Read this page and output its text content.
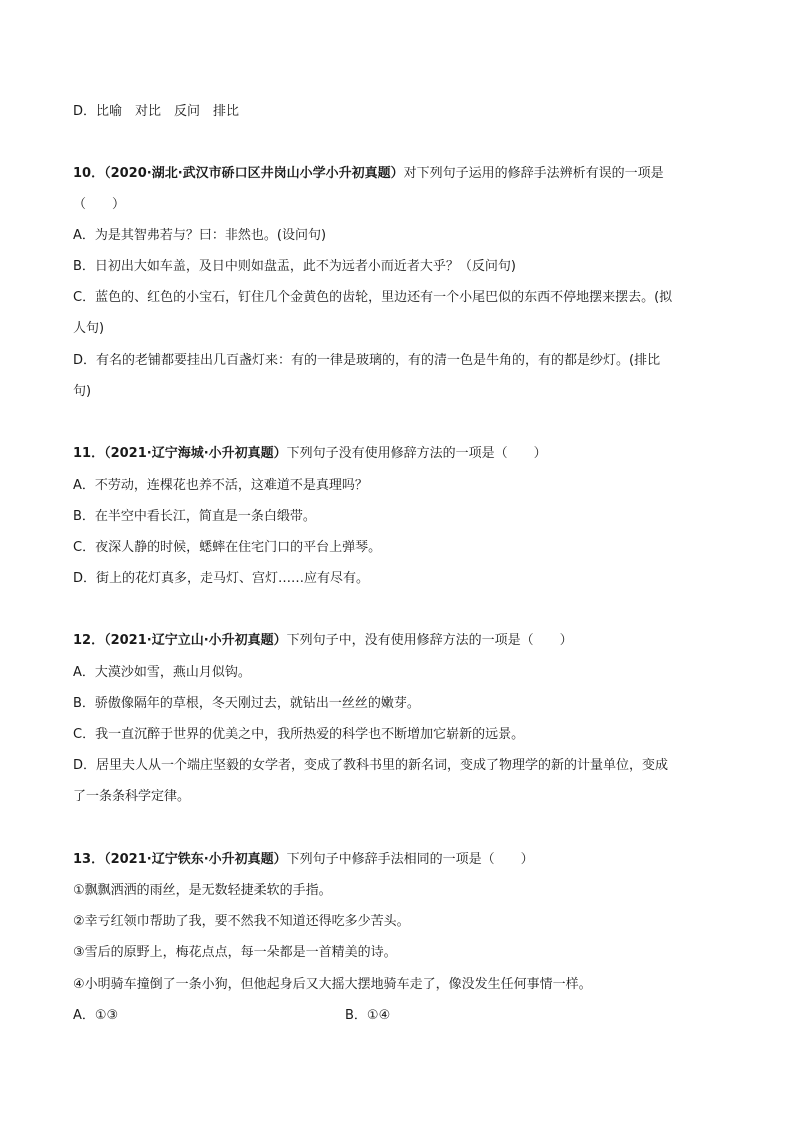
D．比喻　对比　反问　排比
10．（2020·湖北·武汉市硚口区井岗山小学小升初真题）对下列句子运用的修辞手法辨析有误的一项是
（　　）
A．为是其智弗若与？曰：非然也。(设问句)
B．日初出大如车盖，及日中则如盘盂，此不为远者小而近者大乎？（反问句)
C．蓝色的、红色的小宝石，钉住几个金黄色的齿轮，里边还有一个小尾巴似的东西不停地摆来摆去。(拟
人句)
D．有名的老铺都要挂出几百盏灯来：有的一律是玻璃的，有的清一色是牛角的，有的都是纱灯。(排比
句)
11．（2021·辽宁海城·小升初真题）下列句子没有使用修辞方法的一项是（　　）
A．不劳动，连棵花也养不活，这难道不是真理吗？
B．在半空中看长江，简直是一条白缎带。
C．夜深人静的时候，蟋蟀在住宅门口的平台上弹琴。
D．街上的花灯真多，走马灯、宫灯……应有尽有。
12．（2021·辽宁立山·小升初真题）下列句子中，没有使用修辞方法的一项是（　　）
A．大漠沙如雪，燕山月似钩。
B．骄傲像隔年的草根，冬天刚过去，就钻出一丝丝的嫩芽。
C．我一直沉醉于世界的优美之中，我所热爱的科学也不断增加它崭新的远景。
D．居里夫人从一个端庄坚毅的女学者，变成了教科书里的新名词，变成了物理学的新的计量单位，变成
了一条条科学定律。
13．（2021·辽宁铁东·小升初真题）下列句子中修辞手法相同的一项是（　　）
①飘飘洒洒的雨丝，是无数轻捷柔软的手指。
②幸亏红领巾帮助了我，要不然我不知道还得吃多少苦头。
③雪后的原野上，梅花点点，每一朵都是一首精美的诗。
④小明骑车撞倒了一条小狗，但他起身后又大摇大摆地骑车走了，像没发生任何事情一样。
A．①③	B．①④
